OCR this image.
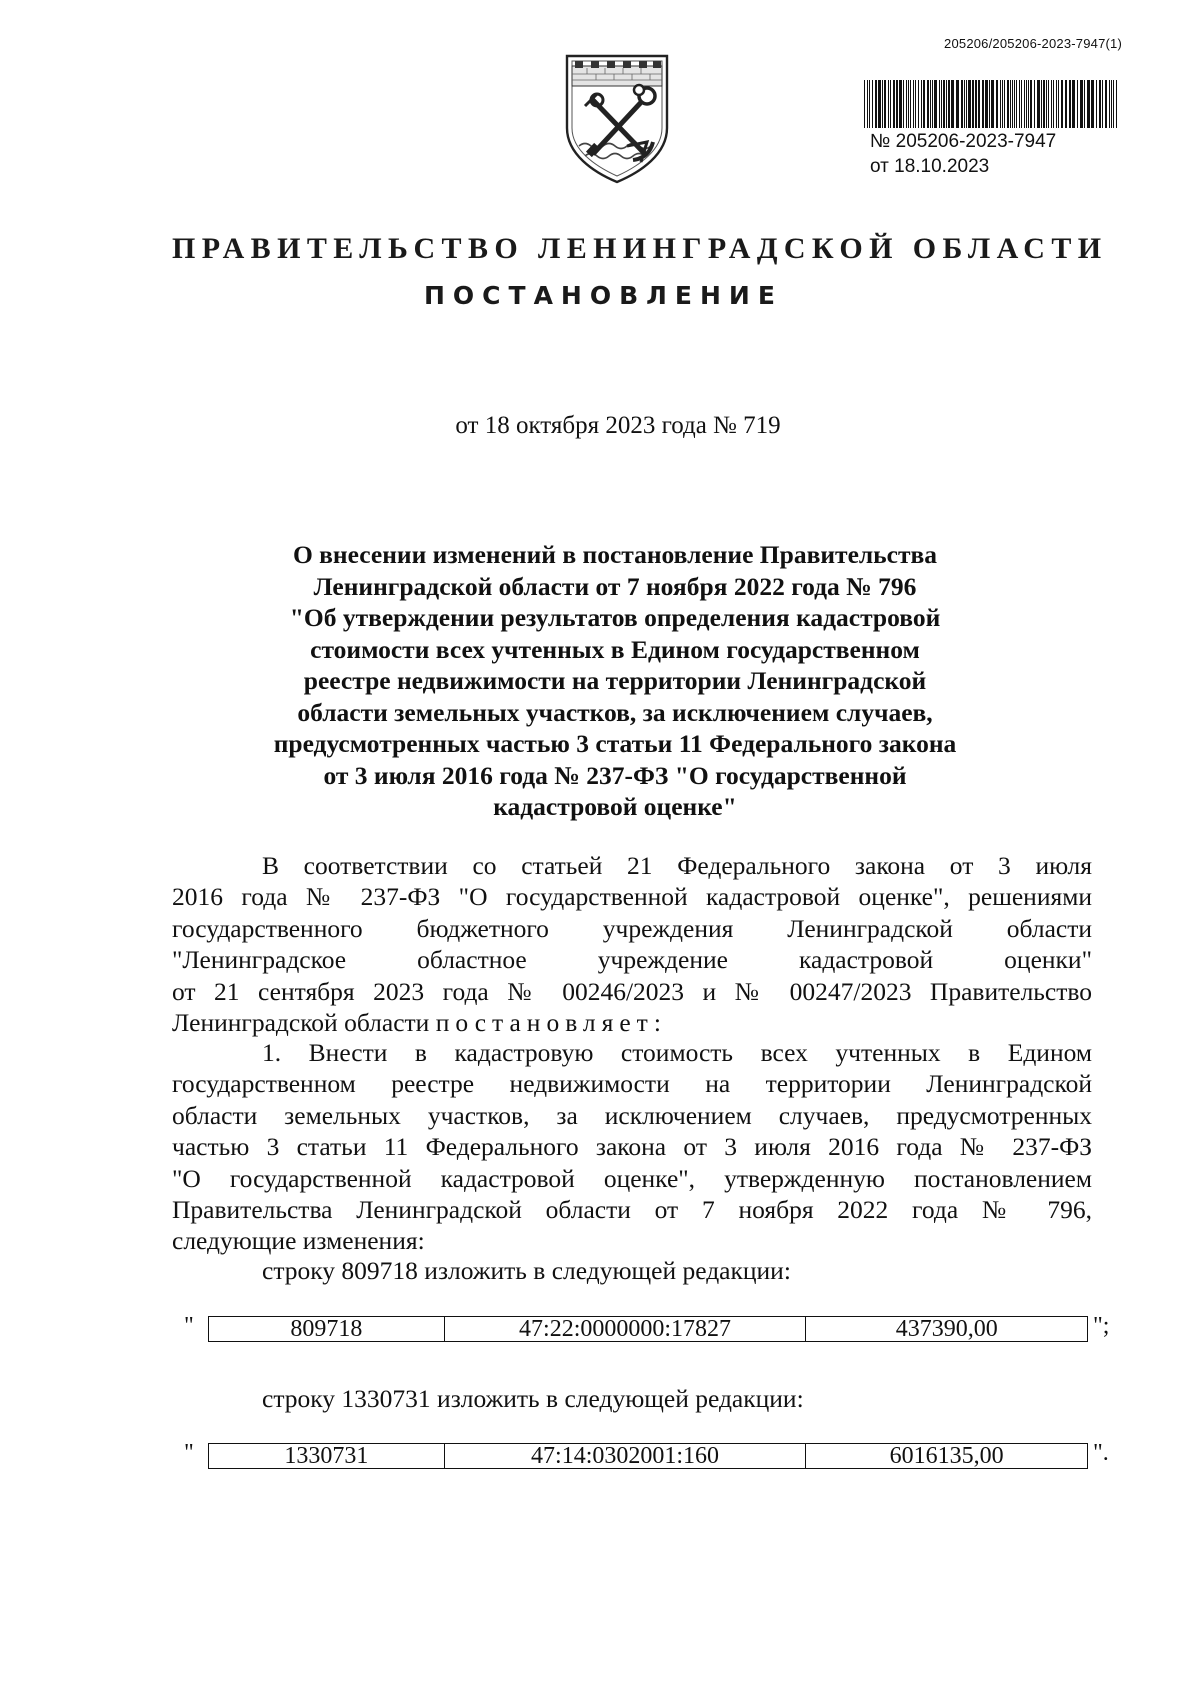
205206/205206-2023-7947(1)
№ 205206-2023-7947
от 18.10.2023
ПРАВИТЕЛЬСТВО ЛЕНИНГРАДСКОЙ ОБЛАСТИ
ПОСТАНОВЛЕНИЕ
от 18 октября 2023 года № 719
О внесении изменений в постановление Правительства
Ленинградской области от 7 ноября 2022 года № 796
"Об утверждении результатов определения кадастровой
стоимости всех учтенных в Едином государственном
реестре недвижимости на территории Ленинградской
области земельных участков, за исключением случаев,
предусмотренных частью 3 статьи 11 Федерального закона
от 3 июля 2016 года № 237-ФЗ "О государственной
кадастровой оценке"
В соответствии со статьей 21 Федерального закона от 3 июля
2016 года № 237-ФЗ "О государственной кадастровой оценке", решениями
государственного бюджетного учреждения Ленинградской области
"Ленинградское областное учреждение кадастровой оценки"
от 21 сентября 2023 года № 00246/2023 и № 00247/2023 Правительство
Ленинградской области постановляет:
1. Внести в кадастровую стоимость всех учтенных в Едином
государственном реестре недвижимости на территории Ленинградской
области земельных участков, за исключением случаев, предусмотренных
частью 3 статьи 11 Федерального закона от 3 июля 2016 года № 237-ФЗ
"О государственной кадастровой оценке", утвержденную постановлением
Правительства Ленинградской области от 7 ноября 2022 года № 796,
следующие изменения:
строку 809718 изложить в следующей редакции:
"	809718	47:22:0000000:17827	437390,00	";
строку 1330731 изложить в следующей редакции:
"	1330731	47:14:0302001:160	6016135,00	".
